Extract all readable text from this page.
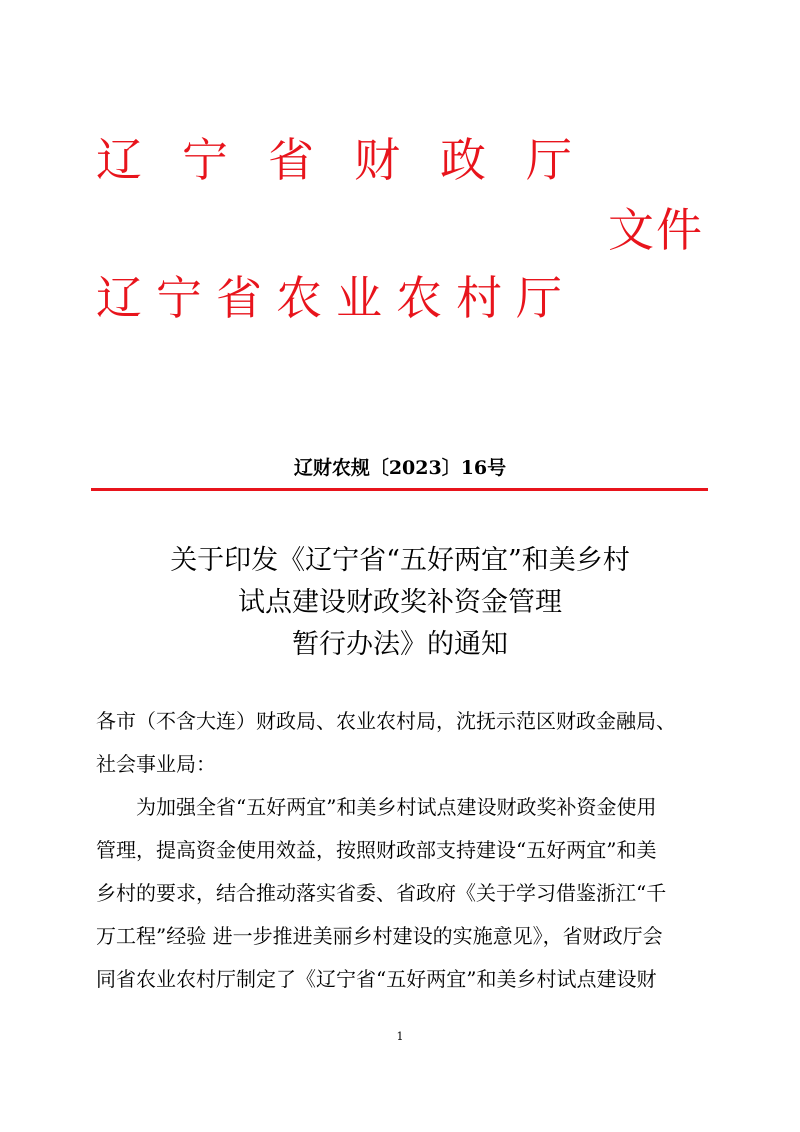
辽宁省财政厅
文件
辽宁省农业农村厅
辽财农规〔2023〕16号
关于印发《辽宁省“五好两宜”和美乡村
试点建设财政奖补资金管理
暂行办法》的通知
各市（不含大连）财政局、农业农村局，沈抚示范区财政金融局、
社会事业局：
为加强全省“五好两宜”和美乡村试点建设财政奖补资金使用
管理，提高资金使用效益，按照财政部支持建设“五好两宜”和美
乡村的要求，结合推动落实省委、省政府《关于学习借鉴浙江“千
万工程”经验 进一步推进美丽乡村建设的实施意见》，省财政厅会
同省农业农村厅制定了《辽宁省“五好两宜”和美乡村试点建设财
1
